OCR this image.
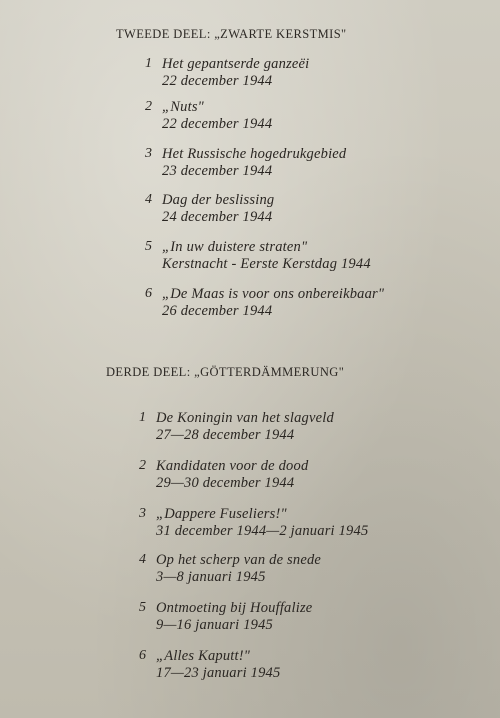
TWEEDE DEEL: „ZWARTE KERSTMIS"
1 Het gepantserde ganzeëi
22 december 1944
2 „Nuts"
22 december 1944
3 Het Russische hogedrukgebied
23 december 1944
4 Dag der beslissing
24 december 1944
5 „In uw duistere straten"
Kerstnacht - Eerste Kerstdag 1944
6 „De Maas is voor ons onbereikbaar"
26 december 1944
DERDE DEEL: „GÖTTERDÄMMERUNG"
1 De Koningin van het slagveld
27—28 december 1944
2 Kandidaten voor de dood
29—30 december 1944
3 „Dappere Fuseliers!"
31 december 1944—2 januari 1945
4 Op het scherp van de snede
3—8 januari 1945
5 Ontmoeting bij Houffalize
9—16 januari 1945
6 „Alles Kaputt!"
17—23 januari 1945
